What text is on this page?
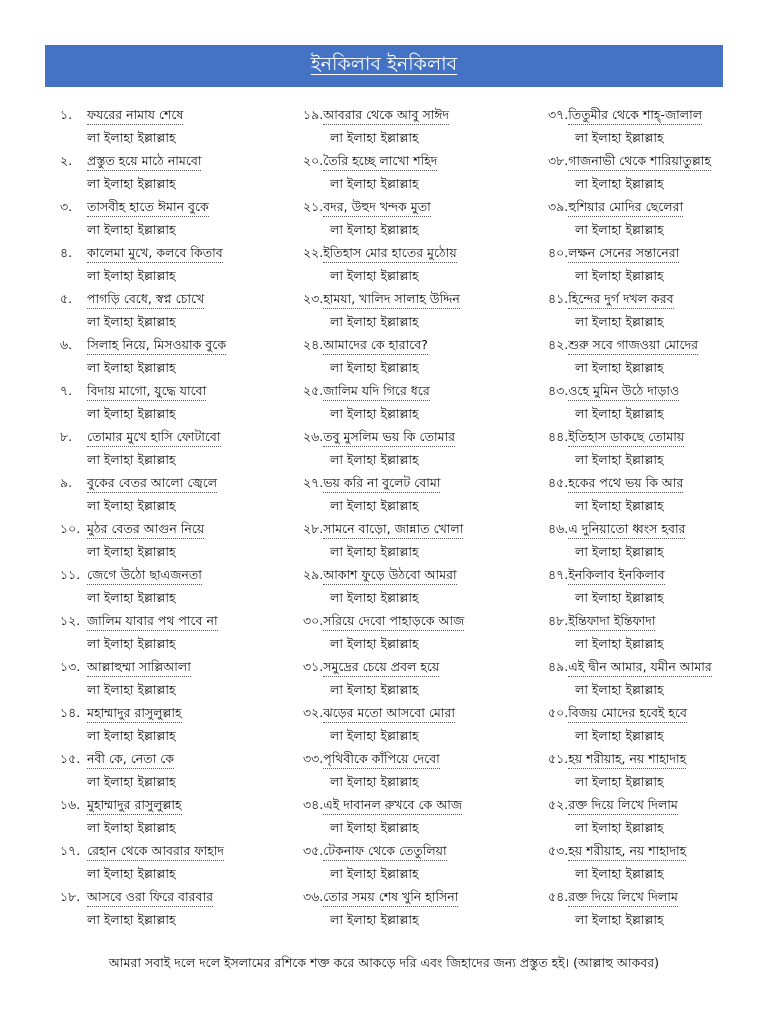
ইনকিলাব ইনকিলাব
১.	ফযরের নামায শেষে
লা ইলাহা ইল্লাল্লাহ
২.	প্রস্তুত হয়ে মাঠে নামবো
লা ইলাহা ইল্লাল্লাহ
৩.	তাসবীহ হাতে ঈমান বুকে
লা ইলাহা ইল্লাল্লাহ
৪.	কালেমা মুখে, কলবে কিতাব
লা ইলাহা ইল্লাল্লাহ
৫.	পাগড়ি বেধে, স্বপ্ন চোখে
লা ইলাহা ইল্লাল্লাহ
৬.	সিলাহ নিয়ে, মিসওয়াক বুকে
লা ইলাহা ইল্লাল্লাহ
৭.	বিদায় মাগো, যুদ্ধে যাবো
লা ইলাহা ইল্লাল্লাহ
৮.	তোমার মুখে হাসি ফোটাবো
লা ইলাহা ইল্লাল্লাহ
৯.	বুকের বেতর আলো জ্বেলে
লা ইলাহা ইল্লাল্লাহ
১০. মুঠর বেতর আগুন নিয়ে
লা ইলাহা ইল্লাল্লাহ
১১. জেগে উঠো ছাএজনতা
লা ইলাহা ইল্লাল্লাহ
১২. জালিম যাবার পথ পাবে না
লা ইলাহা ইল্লাল্লাহ
১৩. আল্লাহুম্মা সাল্লিআলা
লা ইলাহা ইল্লাল্লাহ
১৪. মহাম্মাদুর রাসুলুল্লাহ
লা ইলাহা ইল্লাল্লাহ
১৫. নবী কে, নেতা কে
লা ইলাহা ইল্লাল্লাহ
১৬. মুহাম্মাদুর রাসুলুল্লাহ
লা ইলাহা ইল্লাল্লাহ
১৭. রেহান থেকে আবরার ফাহাদ
লা ইলাহা ইল্লাল্লাহ
১৮. আসবে ওরা ফিরে বারবার
লা ইলাহা ইল্লাল্লাহ
১৯. আবরার থেকে আবু সাঈদ
লা ইলাহা ইল্লাল্লাহ
২০. তৈরি হচ্ছে লাখো শহিদ
লা ইলাহা ইল্লাল্লাহ
২১. বদর, উহুদ খন্দক মুতা
লা ইলাহা ইল্লাল্লাহ
২২. ইতিহাস মোর হাতের মুঠোয়
লা ইলাহা ইল্লাল্লাহ
২৩. হামযা, খালিদ সালাহ উদ্দিন
লা ইলাহা ইল্লাল্লাহ
২৪. আমাদের কে হারাবে?
লা ইলাহা ইল্লাল্লাহ
২৫. জালিম যদি গিরে ধরে
লা ইলাহা ইল্লাল্লাহ
২৬. তবু মুসলিম ভয় কি তোমার
লা ইলাহা ইল্লাল্লাহ
২৭. ভয় করি না বুলেট বোমা
লা ইলাহা ইল্লাল্লাহ
২৮. সামনে বাড়ো, জান্নাত খোলা
লা ইলাহা ইল্লাল্লাহ
২৯. আকাশ ফুড়ে উঠবো আমরা
লা ইলাহা ইল্লাল্লাহ
৩০. সরিয়ে দেবো পাহাড়কে আজ
লা ইলাহা ইল্লাল্লাহ
৩১. সমুদ্রের চেয়ে প্রবল হয়ে
লা ইলাহা ইল্লাল্লাহ
৩২. ঝড়ের মতো আসবো মোরা
লা ইলাহা ইল্লাল্লাহ
৩৩. পৃথিবীকে কাঁপিয়ে দেবো
লা ইলাহা ইল্লাল্লাহ
৩৪. এই দাবানল রুখবে কে আজ
লা ইলাহা ইল্লাল্লাহ
৩৫. টেকনাফ থেকে তেতুলিয়া
লা ইলাহা ইল্লাল্লাহ
৩৬. তোর সময় শেষ খুনি হাসিনা
লা ইলাহা ইল্লাল্লাহ
৩৭. তিতুমীর থেকে শাহ্‌-জালাল
লা ইলাহা ইল্লাল্লাহ
৩৮. গাজনাভী থেকে শারিয়াতুল্লাহ
লা ইলাহা ইল্লাল্লাহ
৩৯. হুশিয়ার মোদির ছেলেরা
লা ইলাহা ইল্লাল্লাহ
৪০. লক্ষন সেনের সন্তানেরা
লা ইলাহা ইল্লাল্লাহ
৪১. হিন্দের দুর্গ দখল করব
লা ইলাহা ইল্লাল্লাহ
৪২. শুরু সবে গাজওয়া মোদের
লা ইলাহা ইল্লাল্লাহ
৪৩. ওহে মুমিন উঠে দাড়াও
লা ইলাহা ইল্লাল্লাহ
৪৪. ইতিহাস ডাকছে তোমায়
লা ইলাহা ইল্লাল্লাহ
৪৫. হকের পথে ভয় কি আর
লা ইলাহা ইল্লাল্লাহ
৪৬. এ দুনিয়াতো ধ্বংস হবার
লা ইলাহা ইল্লাল্লাহ
৪৭. ইনকিলাব ইনকিলাব
লা ইলাহা ইল্লাল্লাহ
৪৮. ইন্তিফাদা ইন্তিফাদা
লা ইলাহা ইল্লাল্লাহ
৪৯. এই দ্বীন আমার, যমীন আমার
লা ইলাহা ইল্লাল্লাহ
৫০. বিজয় মোদের হবেই হবে
লা ইলাহা ইল্লাল্লাহ
৫১. হয় শরীয়াহ, নয় শাহাদাহ
লা ইলাহা ইল্লাল্লাহ
৫২. রক্ত দিয়ে লিখে দিলাম
লা ইলাহা ইল্লাল্লাহ
৫৩. হয় শরীয়াহ, নয় শাহাদাহ
লা ইলাহা ইল্লাল্লাহ
৫৪. রক্ত দিয়ে লিখে দিলাম
লা ইলাহা ইল্লাল্লাহ
আমরা সবাই দলে দলে ইসলামের রশিকে শক্ত করে আকড়ে দরি এবং জিহাদের জন্য প্রস্তুত হই। (আল্লাহু আকবর)
